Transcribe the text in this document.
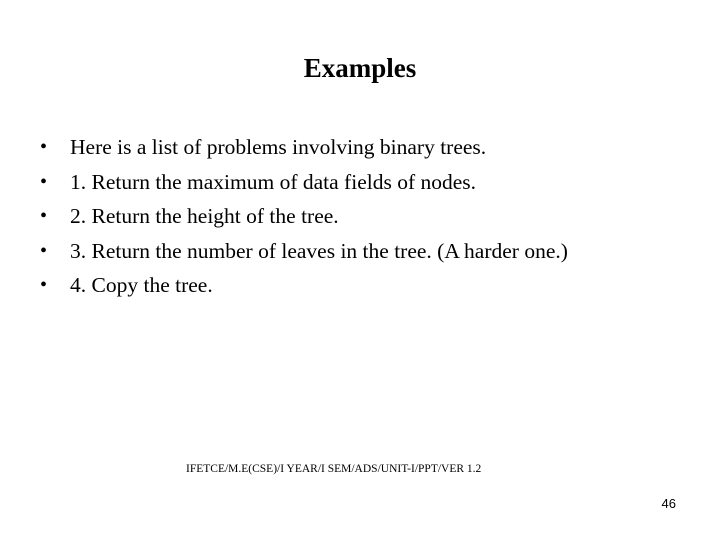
Examples
•	Here is a list of problems involving binary trees.
•	1. Return the maximum of data fields of nodes.
•	2. Return the height of the tree.
•	3. Return the number of leaves in the tree. (A harder one.)
•	4. Copy the tree.
IFETCE/M.E(CSE)/I YEAR/I SEM/ADS/UNIT-I/PPT/VER 1.2
46
